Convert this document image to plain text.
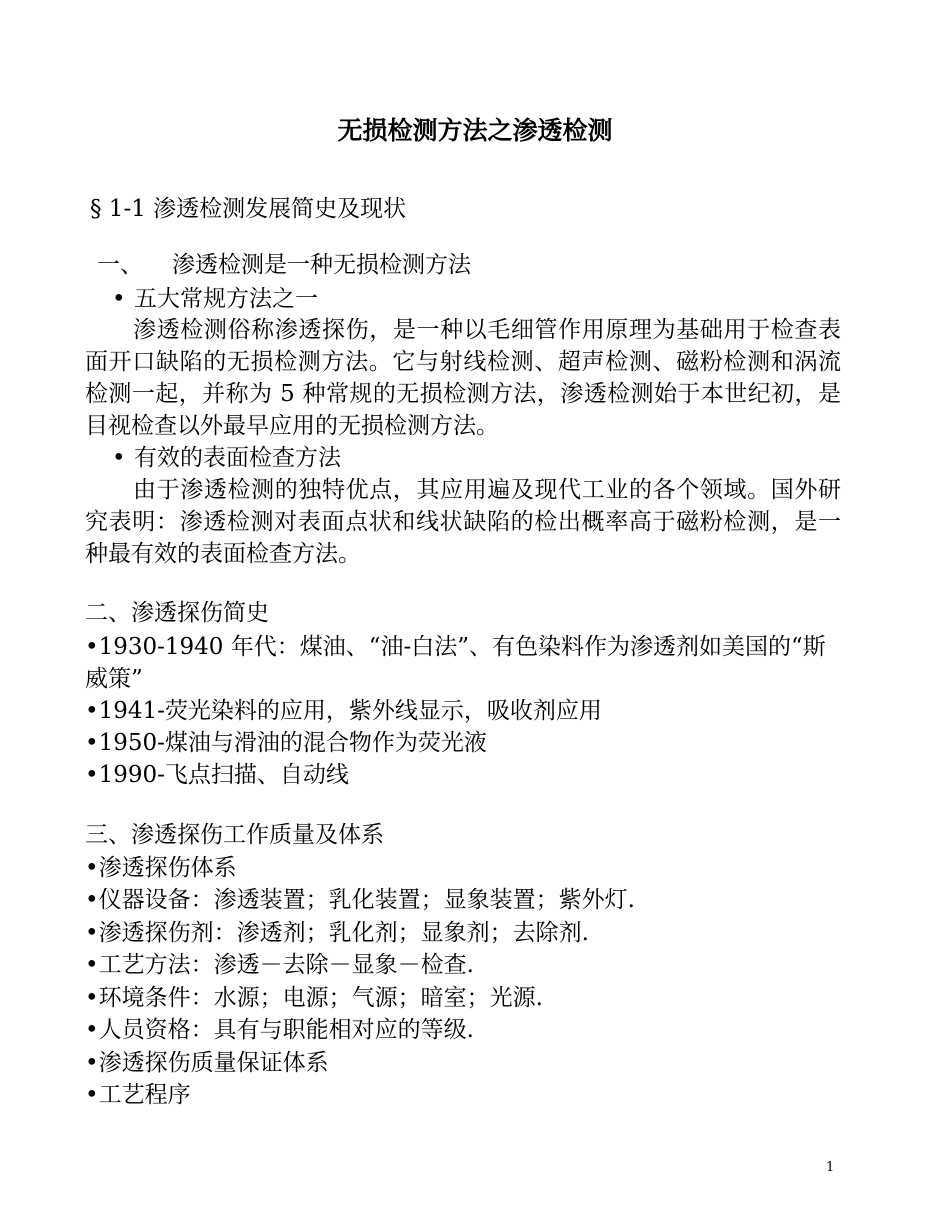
无损检测方法之渗透检测
§ 1-1 渗透检测发展简史及现状
一、 渗透检测是一种无损检测方法
• 五大常规方法之一
渗透检测俗称渗透探伤，是一种以毛细管作用原理为基础用于检查表面开口缺陷的无损检测方法。它与射线检测、超声检测、磁粉检测和涡流检测一起，并称为 5 种常规的无损检测方法，渗透检测始于本世纪初，是目视检查以外最早应用的无损检测方法。
• 有效的表面检查方法
由于渗透检测的独特优点，其应用遍及现代工业的各个领域。国外研究表明：渗透检测对表面点状和线状缺陷的检出概率高于磁粉检测，是一种最有效的表面检查方法。
二、渗透探伤简史
•1930-1940 年代：煤油、“油-白法”、有色染料作为渗透剂如美国的“斯
威策”
•1941-荧光染料的应用，紫外线显示，吸收剂应用
•1950-煤油与滑油的混合物作为荧光液
•1990-飞点扫描、自动线
三、渗透探伤工作质量及体系
•渗透探伤体系
•仪器设备：渗透装置；乳化装置；显象装置；紫外灯.
•渗透探伤剂：渗透剂；乳化剂；显象剂；去除剂.
•工艺方法：渗透－去除－显象－检查.
•环境条件：水源；电源；气源；暗室；光源.
•人员资格：具有与职能相对应的等级.
•渗透探伤质量保证体系
•工艺程序
1
